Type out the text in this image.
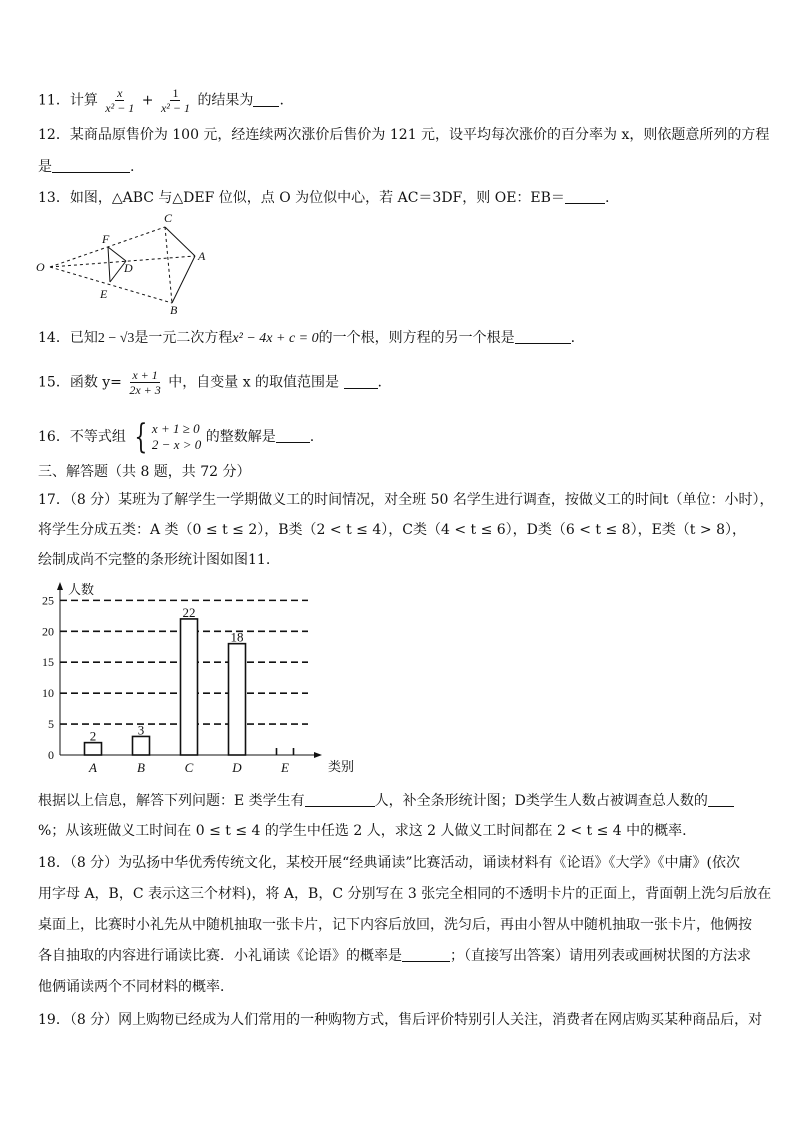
11．计算 $\frac{x}{\text{x² − 1}} + \frac{1}{\text{x² − 1}}$ 的结果为 .
12．某商品原售价为 100 元，经连续两次涨价后售价为 121 元，设平均每次涨价的百分率为 x，则依题意所列的方程
是	.
13．如图，△ABC 与△DEF 位似，点 O 为位似中心，若 AC＝3DF，则 OE：EB＝	.
O
F
D
E
C
A
B
14．已知2 − √3是一元二次方程x² − 4x + c = 0的一个根，则方程的另一个根是	.
15．函数 $y= \frac{x + 1}{2x + 3}$ 中，自变量 x 的取值范围是	.
16．不等式组 { x + 1 ≥ 0
2 − x > 0 的整数解是 .
三、解答题（共 8 题，共 72 分）
17．（8 分）某班为了解学生一学期做义工的时间情况，对全班 50 名学生进行调查，按做义工的时间t（单位：小时），
将学生分成五类：A 类（0 ≤ t ≤ 2），B类（2 < t ≤ 4），C类（4 < t ≤ 6），D类（6 < t ≤ 8），E类（t > 8），
绘制成尚不完整的条形统计图如图11.
0
5
10
15
20
25
人数
类别
2
A
3
B
22
C
18
D	E
根据以上信息，解答下列问题：E 类学生有	人，补全条形统计图；D类学生人数占被调查总人数的
%；从该班做义工时间在 0 ≤ t ≤ 4 的学生中任选 2 人，求这 2 人做义工时间都在 2 < t ≤ 4 中的概率.
18．（8 分）为弘扬中华优秀传统文化，某校开展“经典诵读”比赛活动，诵读材料有《论语》《大学》《中庸》(依次
用字母 A，B，C 表示这三个材料)，将 A，B，C 分别写在 3 张完全相同的不透明卡片的正面上，背面朝上洗匀后放在
桌面上，比赛时小礼先从中随机抽取一张卡片，记下内容后放回，洗匀后，再由小智从中随机抽取一张卡片，他俩按
各自抽取的内容进行诵读比赛．小礼诵读《论语》的概率是	；（直接写出答案）请用列表或画树状图的方法求
他俩诵读两个不同材料的概率．
19．（8 分）网上购物已经成为人们常用的一种购物方式，售后评价特别引人关注，消费者在网店购买某种商品后，对
